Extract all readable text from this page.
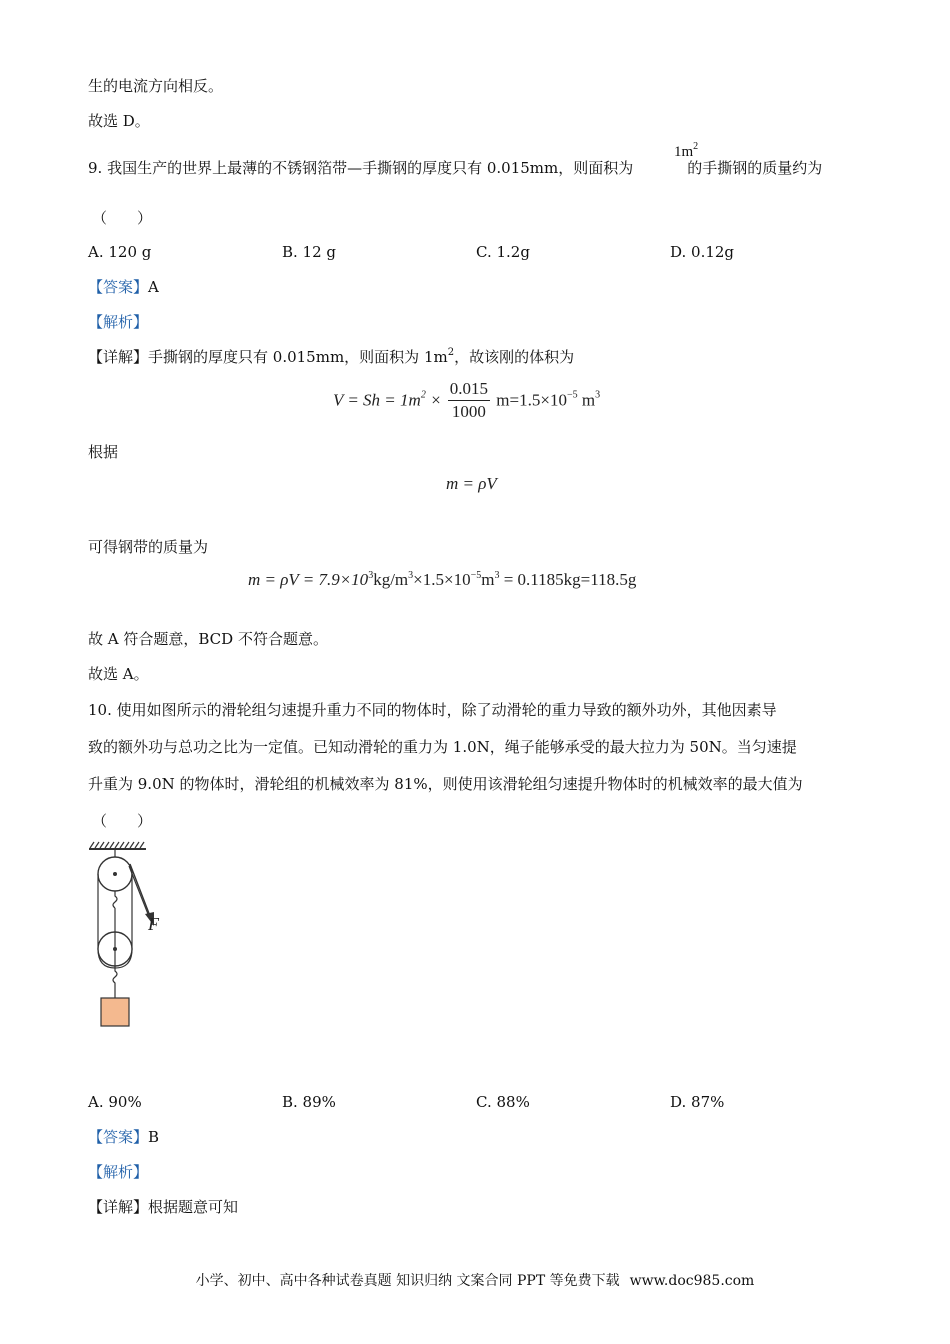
生的电流方向相反。
故选 D。
9. 我国生产的世界上最薄的不锈钢箔带—手撕钢的厚度只有 0.015mm，则面积为	的手撕钢的质量约为
$1m^2$
（　　）
A. 120 g	B. 12 g	C. 1.2g	D. 0.12g
【答案】A
【解析】
【详解】手撕钢的厚度只有 0.015mm，则面积为 $1m^2$，故该刚的体积为
$V = Sh = 1m^2 \times \frac{0.015}{1000} m=1.5\times 10^{-5}$ $m^3$
根据
m = ρV
可得钢带的质量为
$m = \rho V = 7.9\times 10^3kg/m^3\times 1.5\times 10^{-5}m^3 = 0.1185kg=118.5g$
故 A 符合题意，BCD 不符合题意。
故选 A。
10. 使用如图所示的滑轮组匀速提升重力不同的物体时，除了动滑轮的重力导致的额外功外，其他因素导
致的额外功与总功之比为一定值。已知动滑轮的重力为 1.0N，绳子能够承受的最大拉力为 50N。当匀速提
升重为 9.0N 的物体时，滑轮组的机械效率为 81%，则使用该滑轮组匀速提升物体时的机械效率的最大值为
（　　）
F
A. 90%	B. 89%	C. 88%	D. 87%
【答案】B
【解析】
【详解】根据题意可知
小学、初中、高中各种试卷真题 知识归纳 文案合同 PPT 等免费下载 www.doc985.com
